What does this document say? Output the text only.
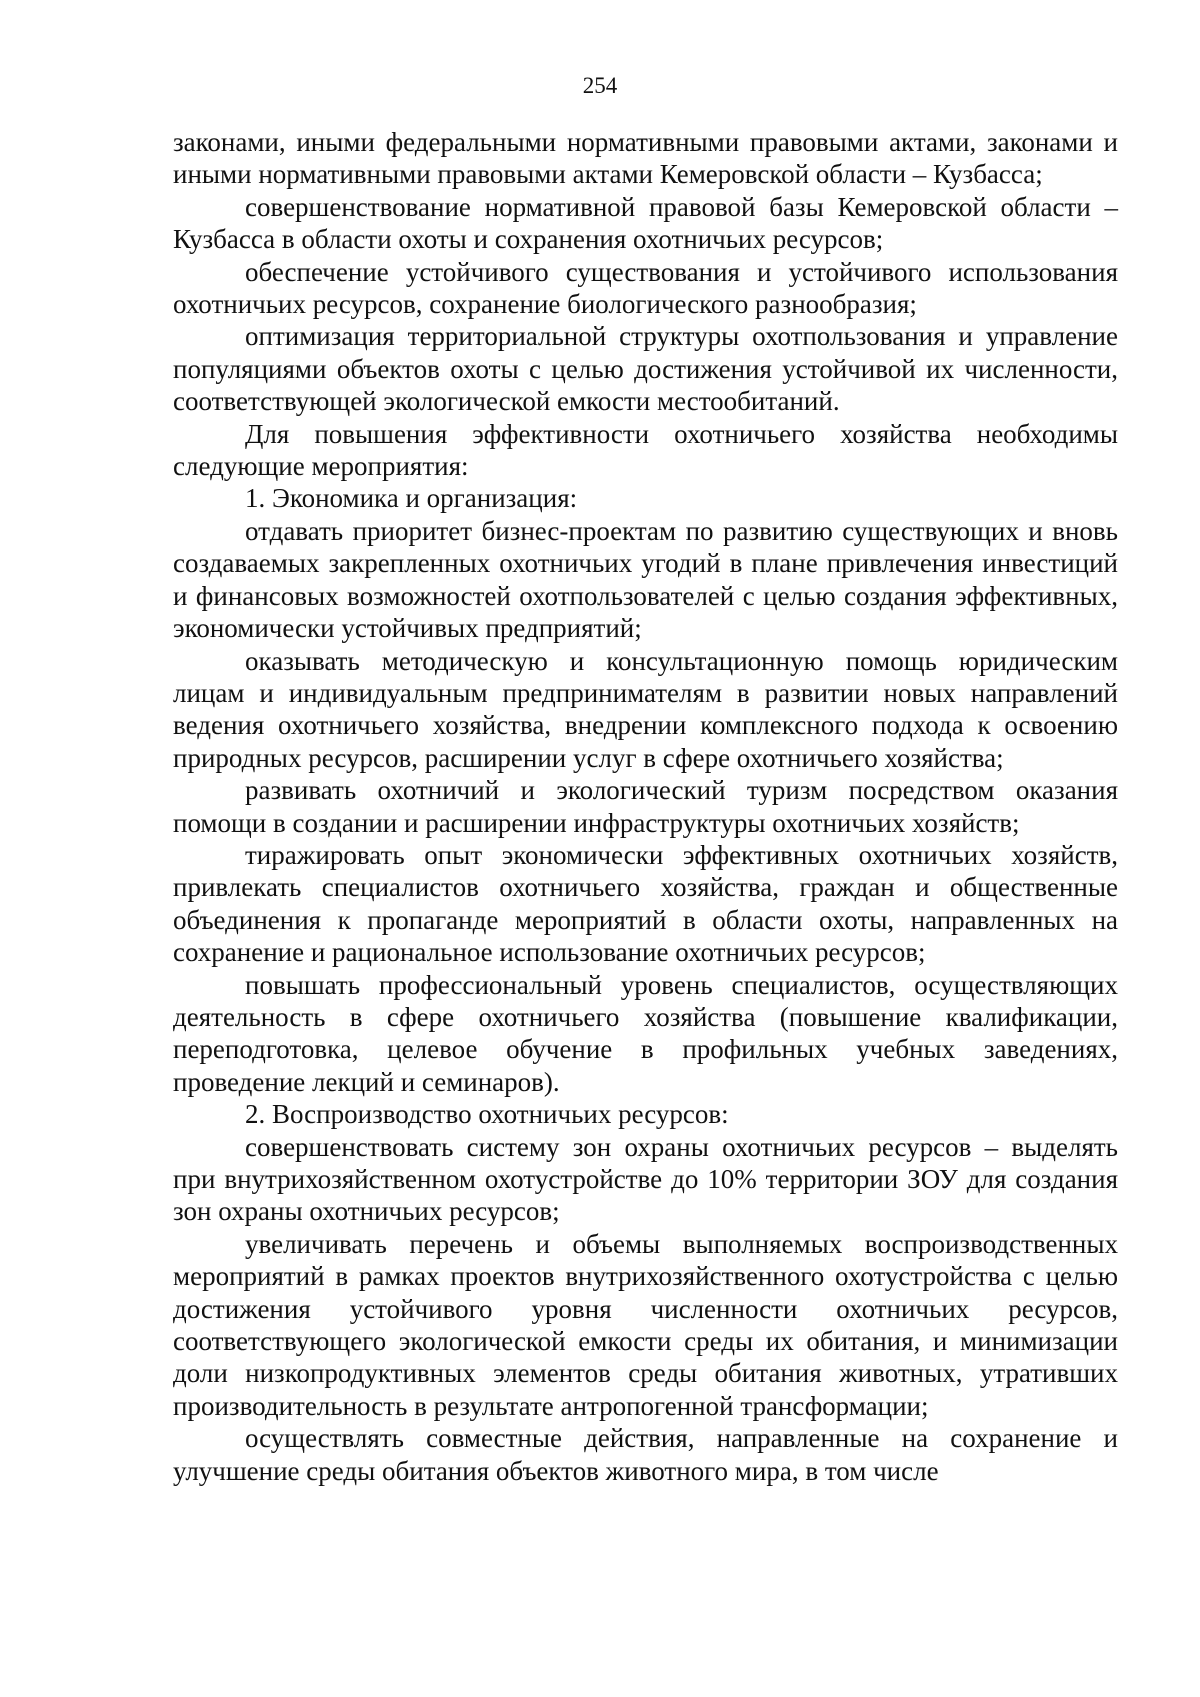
254

законами, иными федеральными нормативными правовыми актами, законами и иными нормативными правовыми актами Кемеровской области – Кузбасса;

совершенствование нормативной правовой базы Кемеровской области – Кузбасса в области охоты и сохранения охотничьих ресурсов;

обеспечение устойчивого существования и устойчивого использования охотничьих ресурсов, сохранение биологического разнообразия;

оптимизация территориальной структуры охотпользования и управление популяциями объектов охоты с целью достижения устойчивой их численности, соответствующей экологической емкости местообитаний.

Для повышения эффективности охотничьего хозяйства необходимы следующие мероприятия:

1. Экономика и организация:

отдавать приоритет бизнес-проектам по развитию существующих и вновь создаваемых закрепленных охотничьих угодий в плане привлечения инвестиций и финансовых возможностей охотпользователей с целью создания эффективных, экономически устойчивых предприятий;

оказывать методическую и консультационную помощь юридическим лицам и индивидуальным предпринимателям в развитии новых направлений ведения охотничьего хозяйства, внедрении комплексного подхода к освоению природных ресурсов, расширении услуг в сфере охотничьего хозяйства;

развивать охотничий и экологический туризм посредством оказания помощи в создании и расширении инфраструктуры охотничьих хозяйств;

тиражировать опыт экономически эффективных охотничьих хозяйств, привлекать специалистов охотничьего хозяйства, граждан и общественные объединения к пропаганде мероприятий в области охоты, направленных на сохранение и рациональное использование охотничьих ресурсов;

повышать профессиональный уровень специалистов, осуществляющих деятельность в сфере охотничьего хозяйства (повышение квалификации, переподготовка, целевое обучение в профильных учебных заведениях, проведение лекций и семинаров).

2. Воспроизводство охотничьих ресурсов:

совершенствовать систему зон охраны охотничьих ресурсов – выделять при внутрихозяйственном охотустройстве до 10% территории ЗОУ для создания зон охраны охотничьих ресурсов;

увеличивать перечень и объемы выполняемых воспроизводственных мероприятий в рамках проектов внутрихозяйственного охотустройства с целью достижения устойчивого уровня численности охотничьих ресурсов, соответствующего экологической емкости среды их обитания, и минимизации доли низкопродуктивных элементов среды обитания животных, утративших производительность в результате антропогенной трансформации;

осуществлять совместные действия, направленные на сохранение и улучшение среды обитания объектов животного мира, в том числе
